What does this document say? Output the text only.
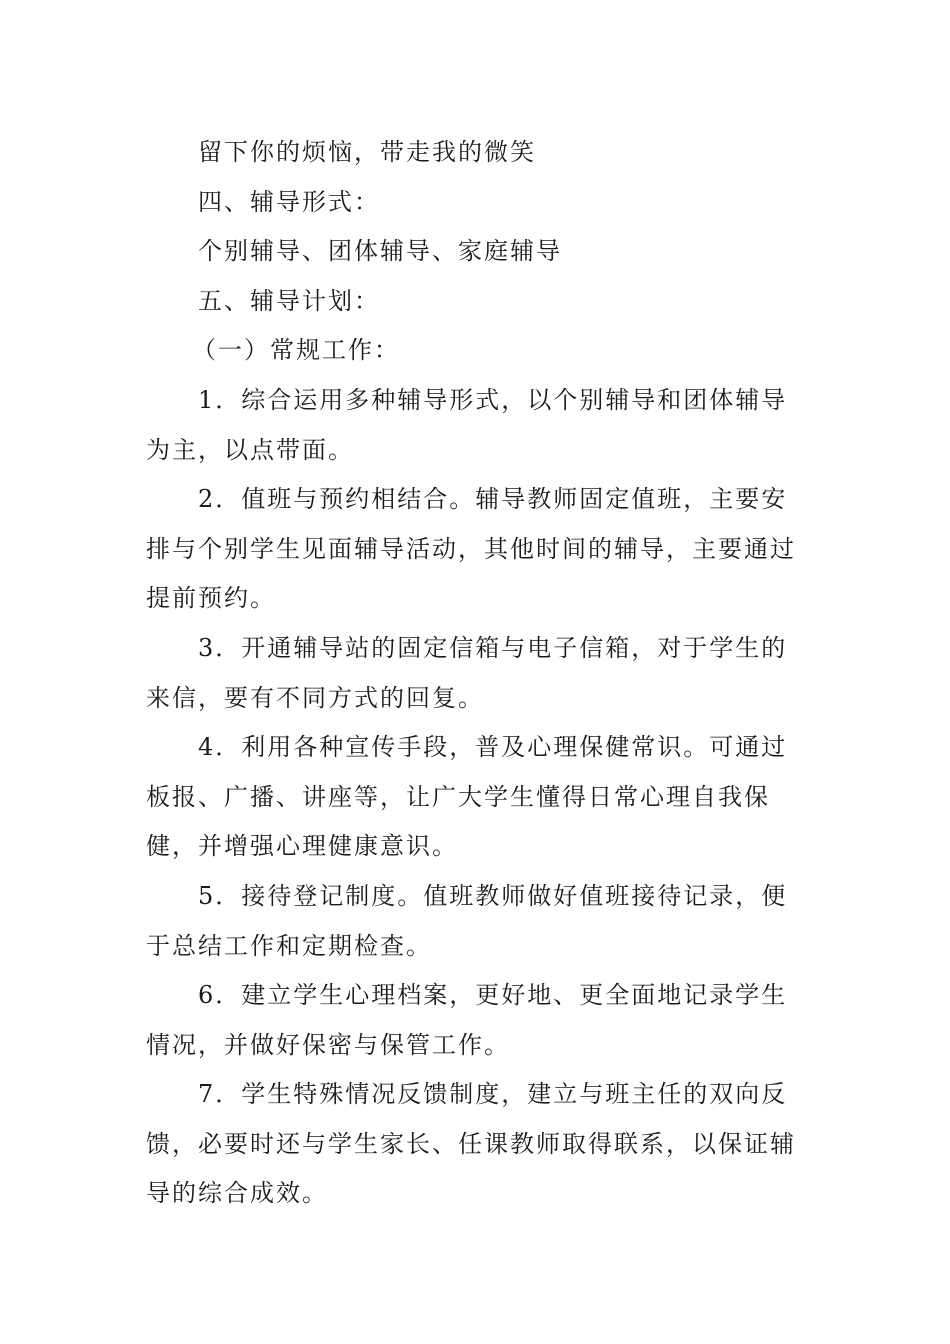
留下你的烦恼，带走我的微笑

四、辅导形式：

个别辅导、团体辅导、家庭辅导

五、辅导计划：

（一）常规工作：

1．综合运用多种辅导形式，以个别辅导和团体辅导为主，以点带面。

2．值班与预约相结合。辅导教师固定值班，主要安排与个别学生见面辅导活动，其他时间的辅导，主要通过提前预约。

3．开通辅导站的固定信箱与电子信箱，对于学生的来信，要有不同方式的回复。

4．利用各种宣传手段，普及心理保健常识。可通过板报、广播、讲座等，让广大学生懂得日常心理自我保健，并增强心理健康意识。

5．接待登记制度。值班教师做好值班接待记录，便于总结工作和定期检查。

6．建立学生心理档案，更好地、更全面地记录学生情况，并做好保密与保管工作。

7．学生特殊情况反馈制度，建立与班主任的双向反馈，必要时还与学生家长、任课教师取得联系，以保证辅导的综合成效。
